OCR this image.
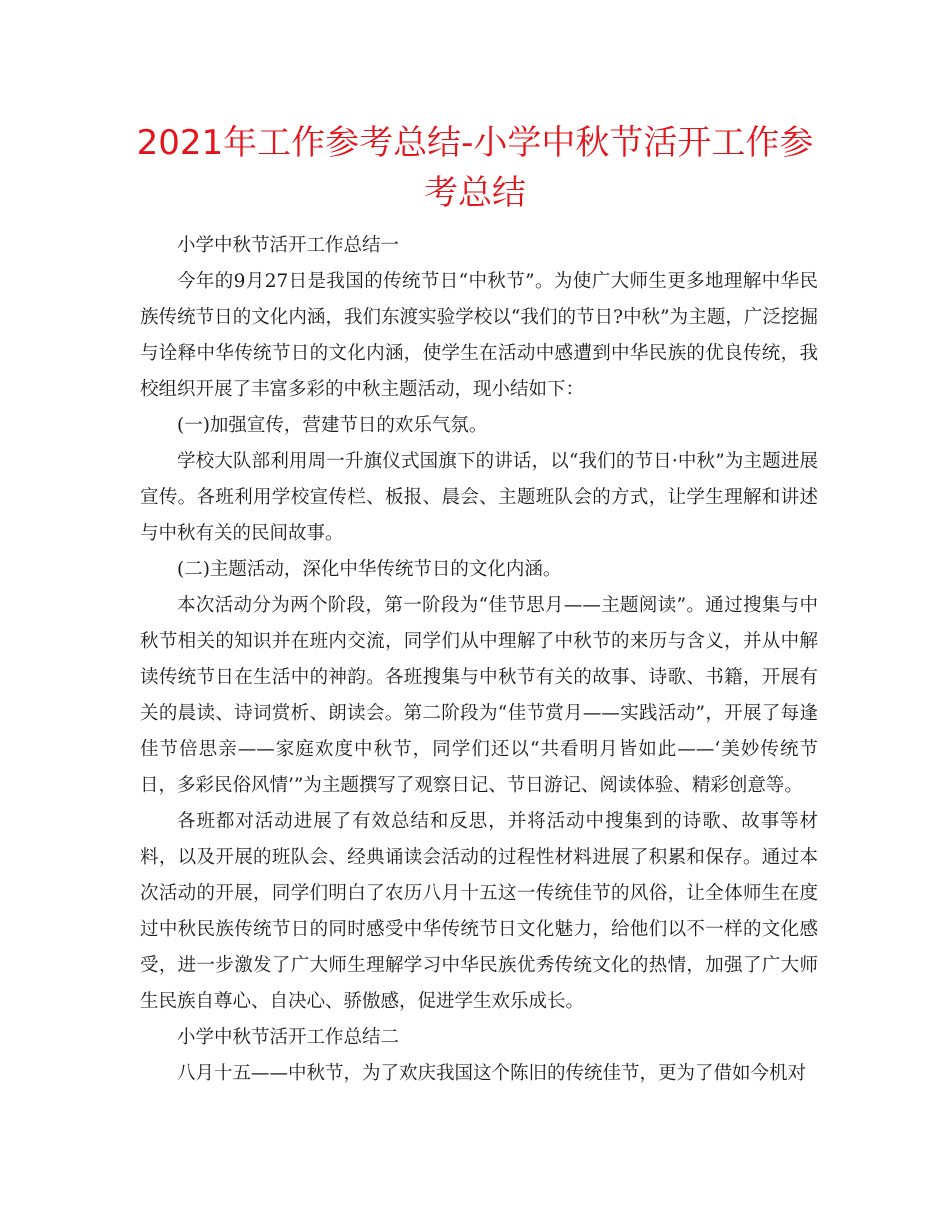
2021年工作参考总结-小学中秋节活开工作参考总结

小学中秋节活开工作总结一

今年的9月27日是我国的传统节日“中秋节”。为使广大师生更多地理解中华民族传统节日的文化内涵，我们东渡实验学校以“我们的节日?中秋”为主题，广泛挖掘与诠释中华传统节日的文化内涵，使学生在活动中感遭到中华民族的优良传统，我校组织开展了丰富多彩的中秋主题活动，现小结如下：

(一)加强宣传，营建节日的欢乐气氛。

学校大队部利用周一升旗仪式国旗下的讲话，以“我们的节日·中秋”为主题进展宣传。各班利用学校宣传栏、板报、晨会、主题班队会的方式，让学生理解和讲述与中秋有关的民间故事。

(二)主题活动，深化中华传统节日的文化内涵。

本次活动分为两个阶段，第一阶段为“佳节思月——主题阅读”。通过搜集与中秋节相关的知识并在班内交流，同学们从中理解了中秋节的来历与含义，并从中解读传统节日在生活中的神韵。各班搜集与中秋节有关的故事、诗歌、书籍，开展有关的晨读、诗词赏析、朗读会。第二阶段为“佳节赏月——实践活动”，开展了每逢佳节倍思亲——家庭欢度中秋节，同学们还以“共看明月皆如此——‘美妙传统节日，多彩民俗风情’”为主题撰写了观察日记、节日游记、阅读体验、精彩创意等。

各班都对活动进展了有效总结和反思，并将活动中搜集到的诗歌、故事等材料，以及开展的班队会、经典诵读会活动的过程性材料进展了积累和保存。通过本次活动的开展，同学们明白了农历八月十五这一传统佳节的风俗，让全体师生在度过中秋民族传统节日的同时感受中华传统节日文化魅力，给他们以不一样的文化感受，进一步激发了广大师生理解学习中华民族优秀传统文化的热情，加强了广大师生民族自尊心、自决心、骄傲感，促进学生欢乐成长。

小学中秋节活开工作总结二

八月十五——中秋节，为了欢庆我国这个陈旧的传统佳节，更为了借如今机对
